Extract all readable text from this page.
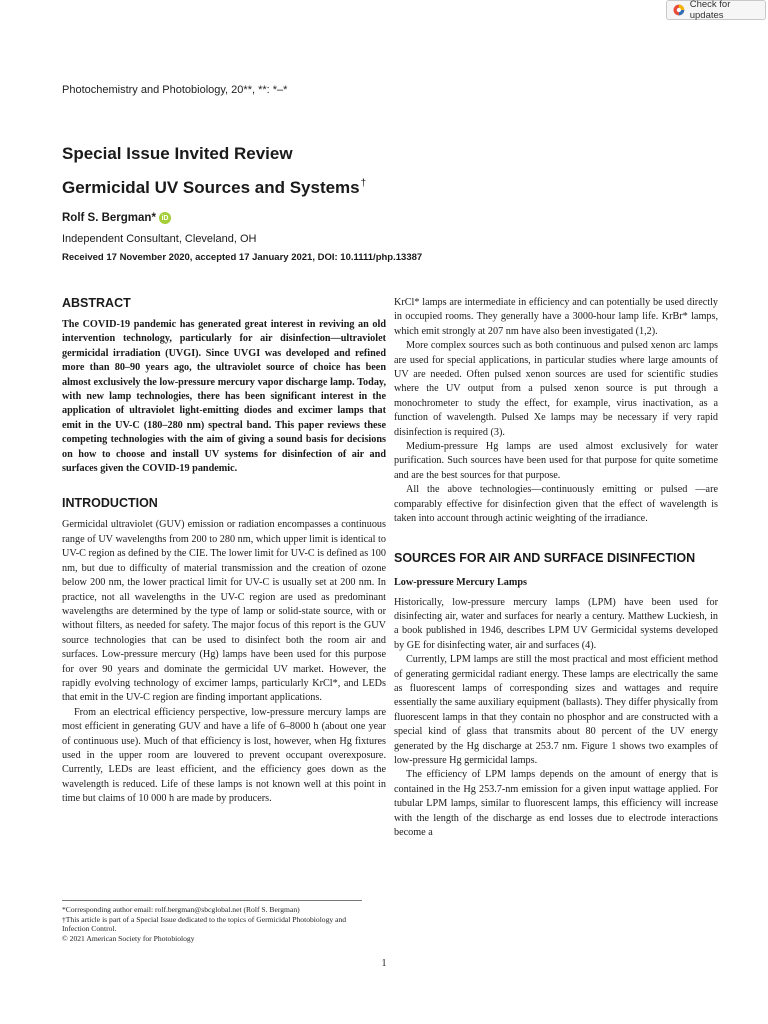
Check for updates
Photochemistry and Photobiology, 20**, **: *–*
Special Issue Invited Review
Germicidal UV Sources and Systems†
Rolf S. Bergman* iD
Independent Consultant, Cleveland, OH
Received 17 November 2020, accepted 17 January 2021, DOI: 10.1111/php.13387
ABSTRACT

The COVID-19 pandemic has generated great interest in reviving an old intervention technology, particularly for air disinfection—ultraviolet germicidal irradiation (UVGI). Since UVGI was developed and refined more than 80–90 years ago, the ultraviolet source of choice has been almost exclusively the low-pressure mercury vapor discharge lamp. Today, with new lamp technologies, there has been significant interest in the application of ultraviolet light-emitting diodes and excimer lamps that emit in the UV-C (180–280 nm) spectral band. This paper reviews these competing technologies with the aim of giving a sound basis for decisions on how to choose and install UV systems for disinfection of air and surfaces given the COVID-19 pandemic.

INTRODUCTION

Germicidal ultraviolet (GUV) emission or radiation encompasses a continuous range of UV wavelengths from 200 to 280 nm, which upper limit is identical to UV-C region as defined by the CIE. The lower limit for UV-C is defined as 100 nm, but due to difficulty of material transmission and the creation of ozone below 200 nm, the lower practical limit for UV-C is usually set at 200 nm. In practice, not all wavelengths in the UV-C region are used as predominant wavelengths are determined by the type of lamp or solid-state source, with or without filters, as needed for safety. The major focus of this report is the GUV source technologies that can be used to disinfect both the room air and surfaces. Low-pressure mercury (Hg) lamps have been used for this purpose for over 90 years and dominate the germicidal UV market. However, the rapidly evolving technology of excimer lamps, particularly KrCl*, and LEDs that emit in the UV-C region are finding important applications.

From an electrical efficiency perspective, low-pressure mercury lamps are most efficient in generating GUV and have a life of 6–8000 h (about one year of continuous use). Much of that efficiency is lost, however, when Hg fixtures used in the upper room are louvered to prevent occupant overexposure. Currently, LEDs are least efficient, and the efficiency goes down as the wavelength is reduced. Life of these lamps is not known well at this point in time but claims of 10 000 h are made by producers.

KrCl* lamps are intermediate in efficiency and can potentially be used directly in occupied rooms. They generally have a 3000-hour lamp life. KrBr* lamps, which emit strongly at 207 nm have also been investigated (1,2).

More complex sources such as both continuous and pulsed xenon arc lamps are used for special applications, in particular studies where large amounts of UV are needed. Often pulsed xenon sources are used for scientific studies where the UV output from a pulsed xenon source is put through a monochrometer to study the effect, for example, virus inactivation, as a function of wavelength. Pulsed Xe lamps may be necessary if very rapid disinfection is required (3).

Medium-pressure Hg lamps are used almost exclusively for water purification. Such sources have been used for that purpose for quite sometime and are the best sources for that purpose.

All the above technologies—continuously emitting or pulsed —are comparably effective for disinfection given that the effect of wavelength is taken into account through actinic weighting of the irradiance.

SOURCES FOR AIR AND SURFACE DISINFECTION
Low-pressure Mercury Lamps

Historically, low-pressure mercury lamps (LPM) have been used for disinfecting air, water and surfaces for nearly a century. Matthew Luckiesh, in a book published in 1946, describes LPM UV Germicidal systems developed by GE for disinfecting water, air and surfaces (4).

Currently, LPM lamps are still the most practical and most efficient method of generating germicidal radiant energy. These lamps are electrically the same as fluorescent lamps of corresponding sizes and wattages and require essentially the same auxiliary equipment (ballasts). They differ physically from fluorescent lamps in that they contain no phosphor and are constructed with a special kind of glass that transmits about 80 percent of the UV energy generated by the Hg discharge at 253.7 nm. Figure 1 shows two examples of low-pressure Hg germicidal lamps.

The efficiency of LPM lamps depends on the amount of energy that is contained in the Hg 253.7-nm emission for a given input wattage applied. For tubular LPM lamps, similar to fluorescent lamps, this efficiency will increase with the length of the discharge as end losses due to electrode interactions become a

*Corresponding author email: rolf.bergman@sbcglobal.net (Rolf S. Bergman)
†This article is part of a Special Issue dedicated to the topics of Germicidal Photobiology and Infection Control.
© 2021 American Society for Photobiology
1
